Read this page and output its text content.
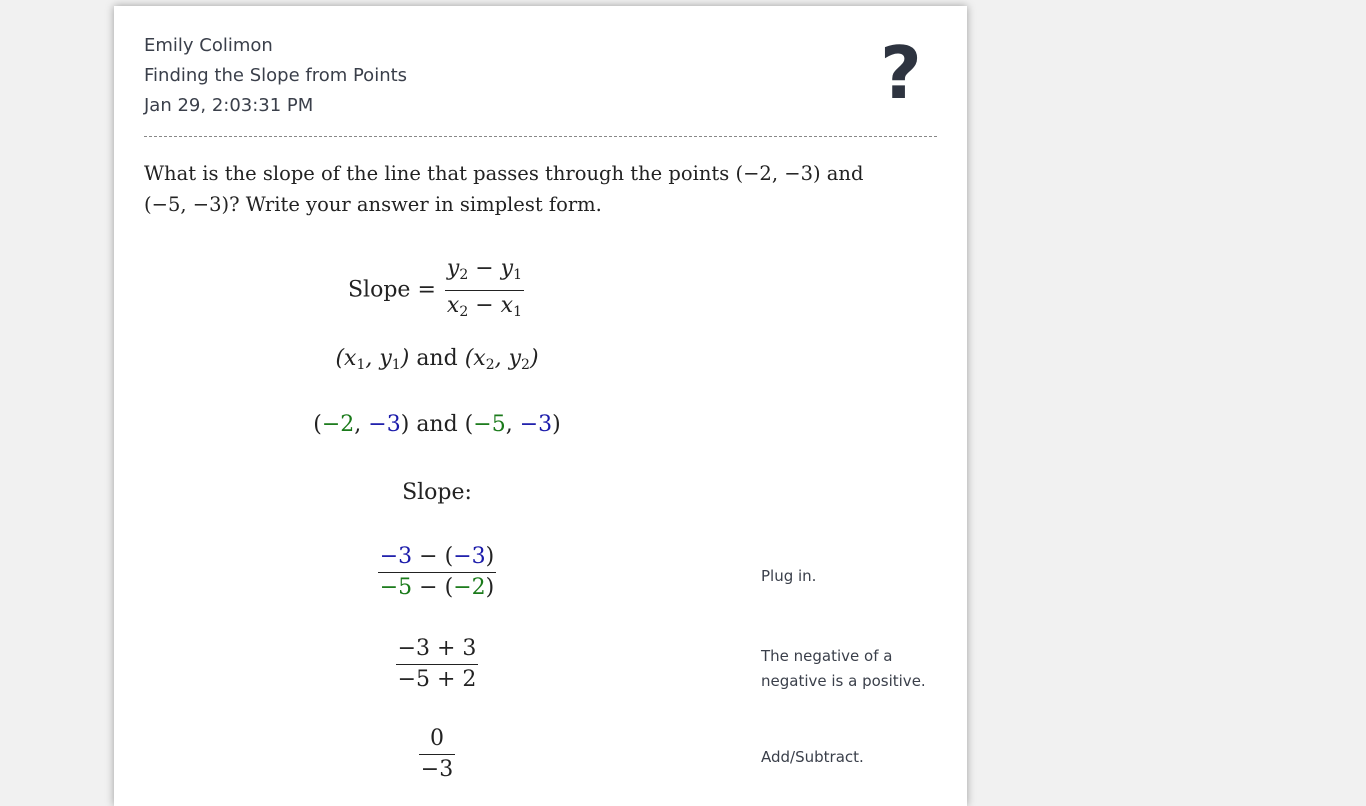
Emily Colimon
Finding the Slope from Points
Jan 29, 2:03:31 PM	?
What is the slope of the line that passes through the points (−2, −3) and
(−5, −3)? Write your answer in simplest form.
Slope = $\frac{y_2 - y_1}{x_2 - x_1}$
($x_1$, $y_1$) and ($x_2$, $y_2$)
(−2, −3) and (−5, −3)
Slope:
$\frac{-3 - (-3)}{-5 - (-2)}$	Plug in.
$\frac{-3 + 3}{-5 + 2}$	The negative of a
negative is a positive.
$\frac{0}{-3}$	Add/Subtract.
